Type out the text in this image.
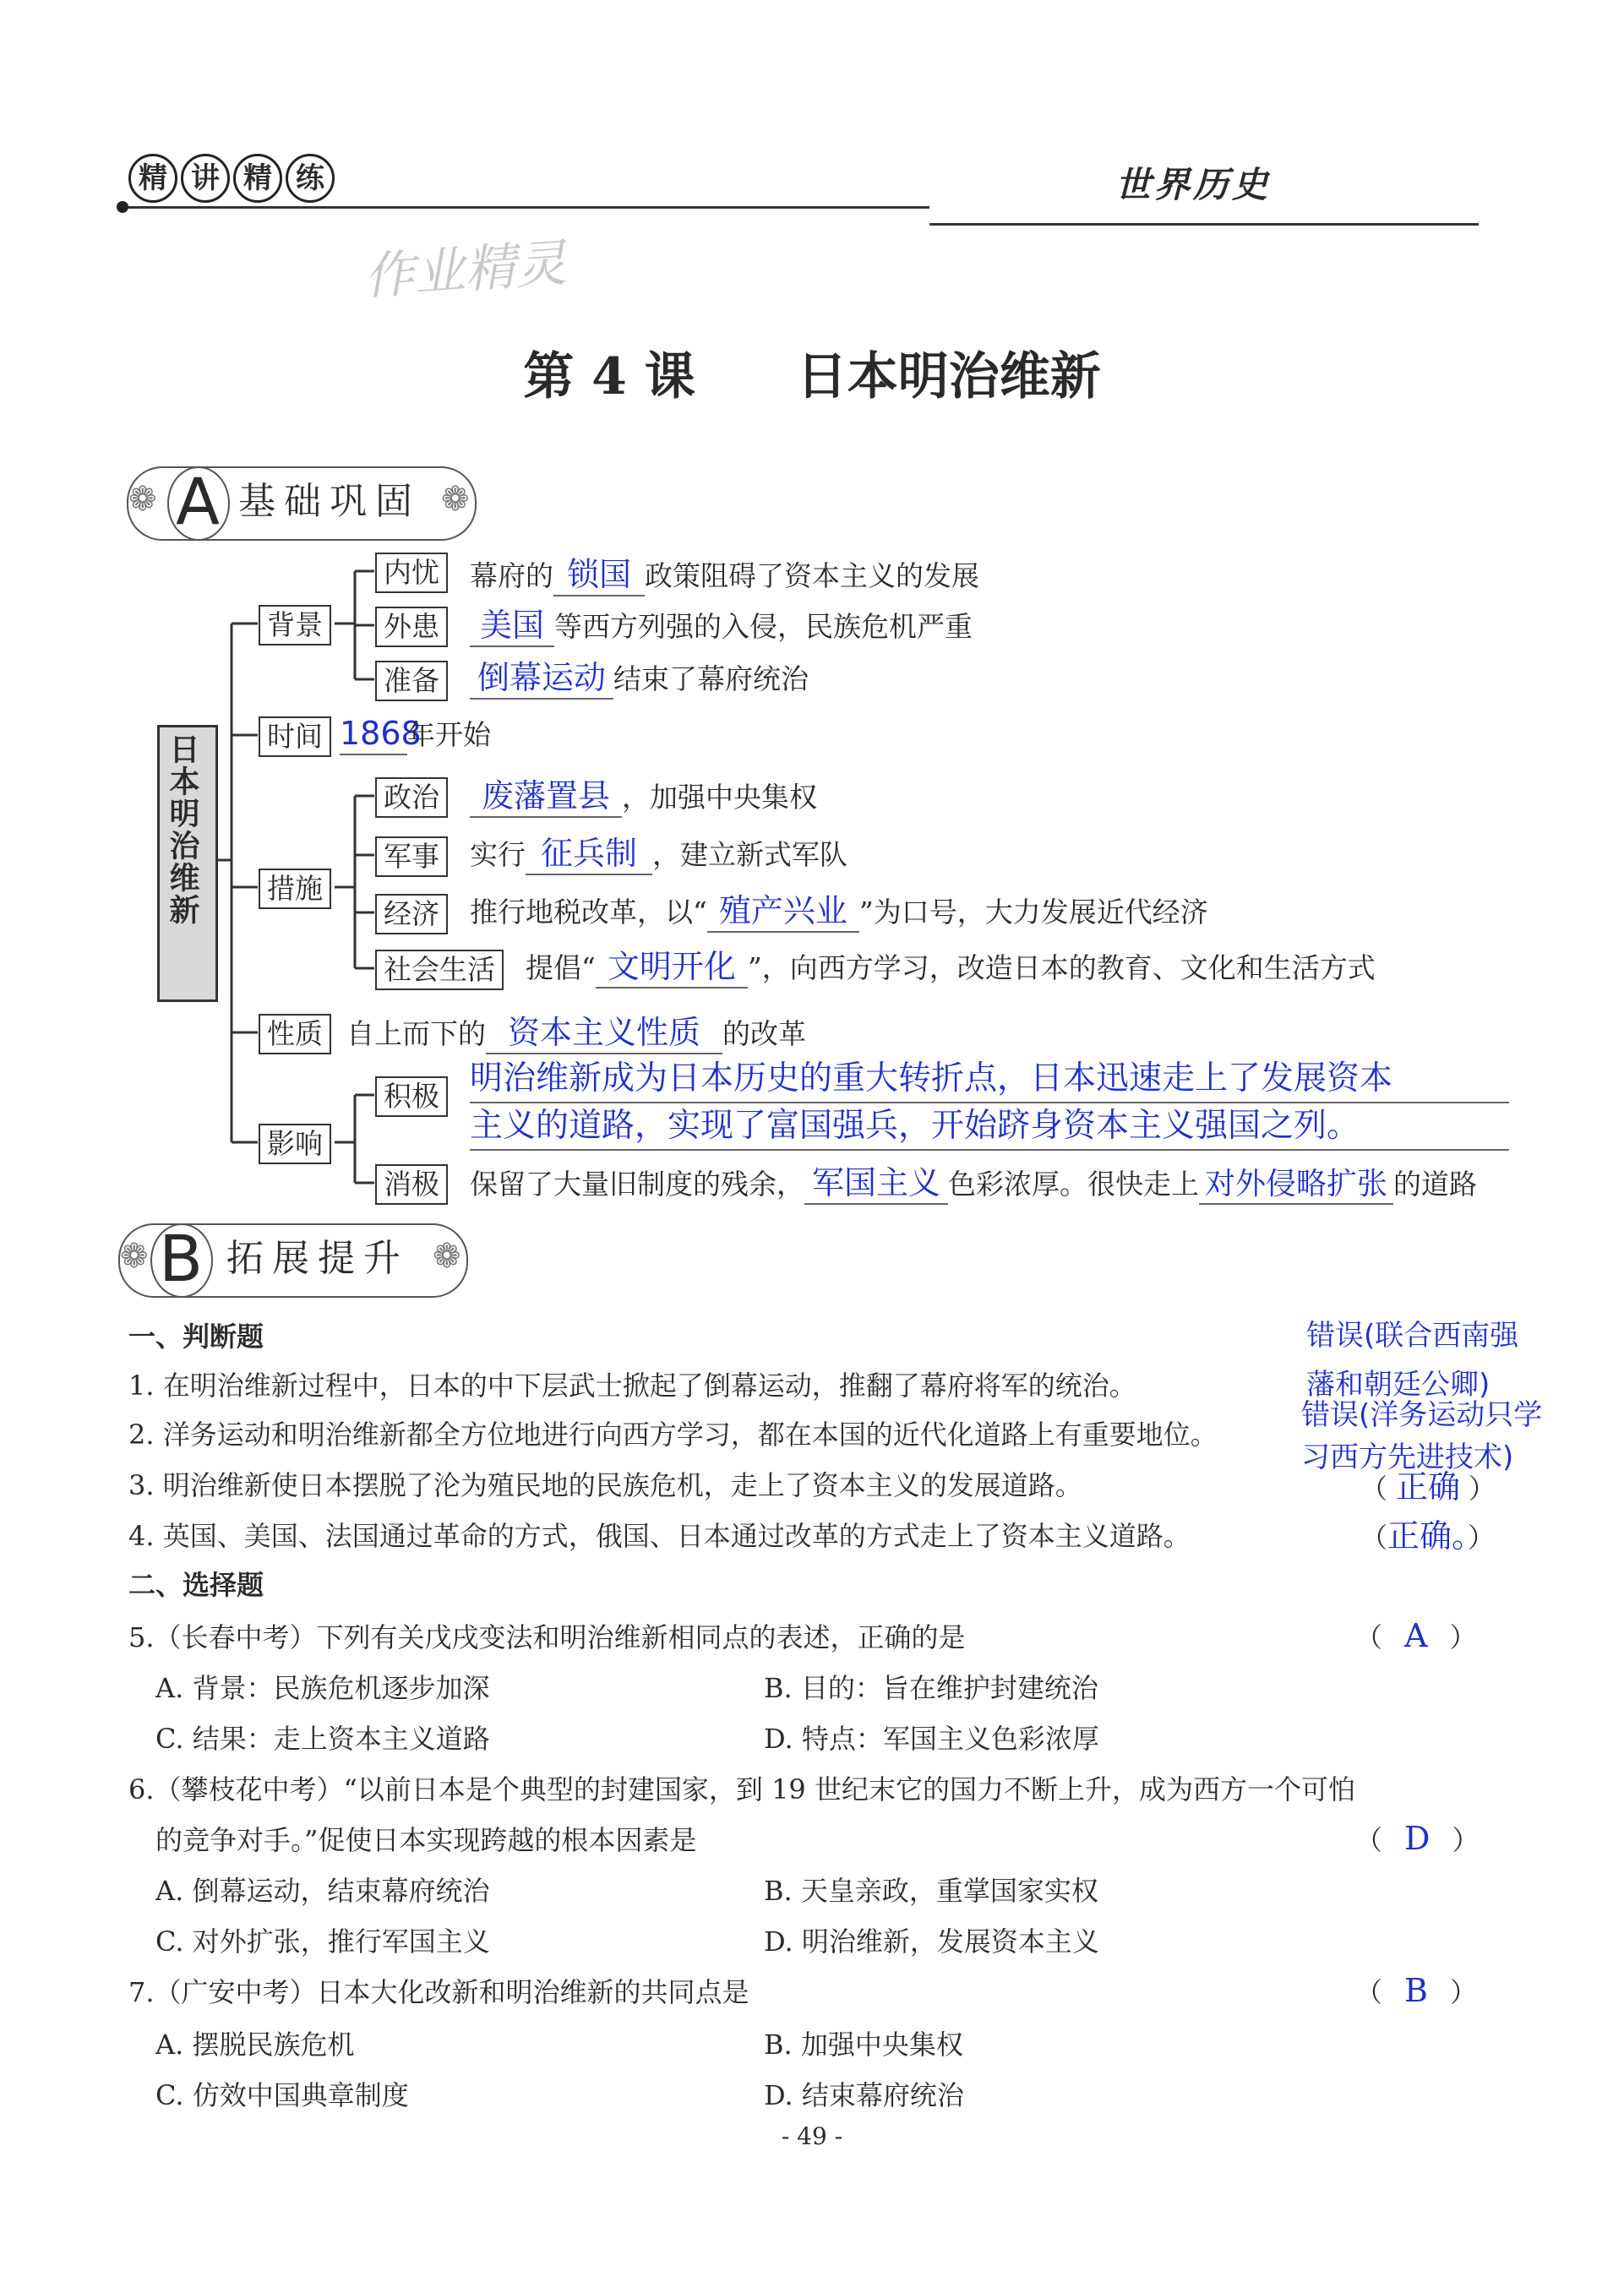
精 讲 精 练	世界历史
作业精灵
第 4 课　　日本明治维新
❁	❁
A 基础巩固
日本明治维新
背景
时间
措施
性质
影响
内忧	幕府的 锁国 政策阻碍了资本主义的发展
外患	美国 等西方列强的入侵，民族危机严重
准备 倒幕运动 结束了幕府统治
1868年开始
政治	废藩置县 ，加强中央集权
军事	实行 征兵制 ，建立新式军队
经济	推行地税改革，以“ 殖产兴业 ”为口号，大力发展近代经济
社会生活	提倡“ 文明开化 ”，向西方学习，改造日本的教育、文化和生活方式
自上而下的 资本主义性质 的改革
积极 明治维新成为日本历史的重大转折点，日本迅速走上了发展资本
主义的道路，实现了富国强兵，开始跻身资本主义强国之列。
消极	保留了大量旧制度的残余， 军国主义 色彩浓厚。很快走上 对外侵略扩张 的道路
❁	❁
B 拓展提升
一、判断题
1. 在明治维新过程中，日本的中下层武士掀起了倒幕运动，推翻了幕府将军的统治。
2. 洋务运动和明治维新都全方位地进行向西方学习，都在本国的近代化道路上有重要地位。
3. 明治维新使日本摆脱了沦为殖民地的民族危机，走上了资本主义的发展道路。
4. 英国、美国、法国通过革命的方式，俄国、日本通过改革的方式走上了资本主义道路。
错误(联合西南强
藩和朝廷公卿)
错误(洋务运动只学
习西方先进技术)
（ 正确 ）
（正确。）
二、选择题
5.（长春中考）下列有关戊戌变法和明治维新相同点的表述，正确的是	（ A ）
A. 背景：民族危机逐步加深	B. 目的：旨在维护封建统治
C. 结果：走上资本主义道路	D. 特点：军国主义色彩浓厚
6.（攀枝花中考）“以前日本是个典型的封建国家，到 19 世纪末它的国力不断上升，成为西方一个可怕
的竞争对手。”促使日本实现跨越的根本因素是	（ D ）
A. 倒幕运动，结束幕府统治	B. 天皇亲政，重掌国家实权
C. 对外扩张，推行军国主义	D. 明治维新，发展资本主义
7.（广安中考）日本大化改新和明治维新的共同点是	（ B ）
A. 摆脱民族危机	B. 加强中央集权
C. 仿效中国典章制度	D. 结束幕府统治
- 49 -
